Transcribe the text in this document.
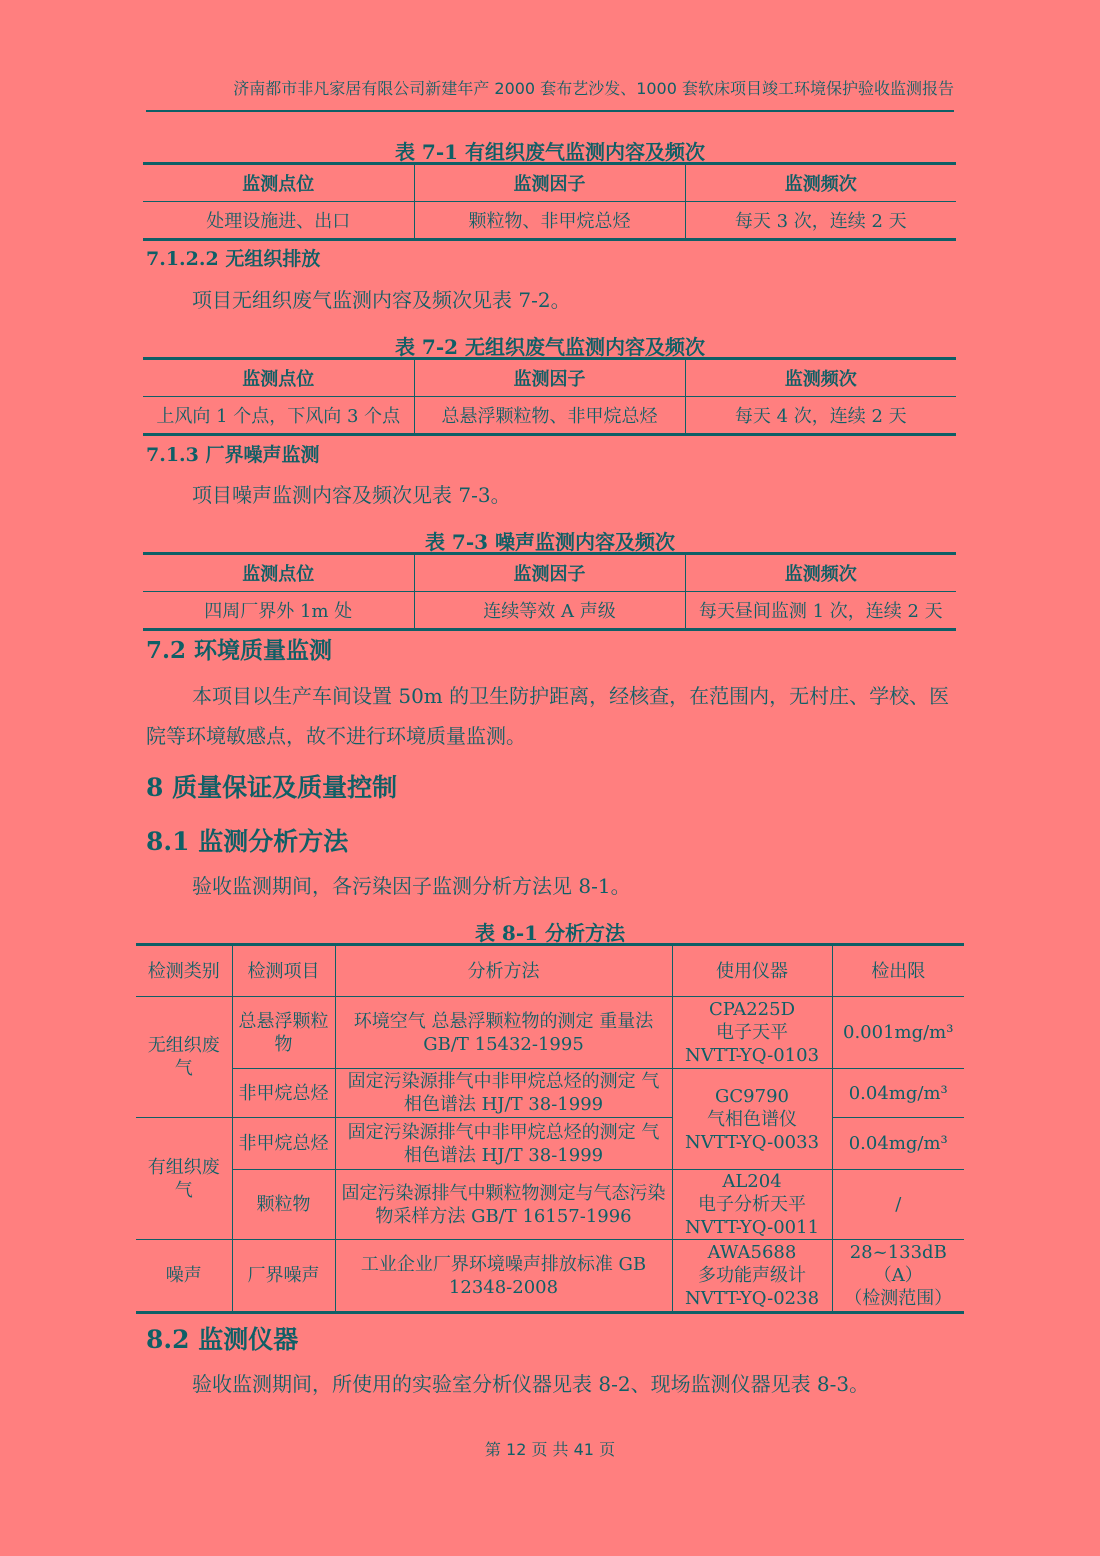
济南都市非凡家居有限公司新建年产 2000 套布艺沙发、1000 套软床项目竣工环境保护验收监测报告
表 7-1 有组织废气监测内容及频次
监测点位	监测因子	监测频次
处理设施进、出口	颗粒物、非甲烷总烃	每天 3 次，连续 2 天
7.1.2.2 无组织排放
项目无组织废气监测内容及频次见表 7-2。
表 7-2 无组织废气监测内容及频次
监测点位	监测因子	监测频次
上风向 1 个点，下风向 3 个点	总悬浮颗粒物、非甲烷总烃	每天 4 次，连续 2 天
7.1.3 厂界噪声监测
项目噪声监测内容及频次见表 7-3。
表 7-3 噪声监测内容及频次
监测点位	监测因子	监测频次
四周厂界外 1m 处	连续等效 A 声级	每天昼间监测 1 次，连续 2 天
7.2 环境质量监测
本项目以生产车间设置 50m 的卫生防护距离，经核查，在范围内，无村庄、学校、医院等环境敏感点，故不进行环境质量监测。
8 质量保证及质量控制
8.1 监测分析方法
验收监测期间，各污染因子监测分析方法见 8-1。
表 8-1 分析方法
检测类别	检测项目	分析方法	使用仪器	检出限
无组织废气	总悬浮颗粒物	环境空气 总悬浮颗粒物的测定 重量法 GB/T 15432-1995	CPA225D
电子天平
NVTT-YQ-0103	0.001mg/m³
	非甲烷总烃	固定污染源排气中非甲烷总烃的测定 气相色谱法 HJ/T 38-1999	GC9790
气相色谱仪
NVTT-YQ-0033	0.04mg/m³
有组织废气	非甲烷总烃	固定污染源排气中非甲烷总烃的测定 气相色谱法 HJ/T 38-1999		0.04mg/m³
	颗粒物	固定污染源排气中颗粒物测定与气态污染物采样方法 GB/T 16157-1996	AL204
电子分析天平
NVTT-YQ-0011	/
噪声	厂界噪声	工业企业厂界环境噪声排放标准 GB 12348-2008	AWA5688
多功能声级计
NVTT-YQ-0238	28~133dB
（A）
（检测范围）
8.2 监测仪器
验收监测期间，所使用的实验室分析仪器见表 8-2、现场监测仪器见表 8-3。
第 12 页 共 41 页
